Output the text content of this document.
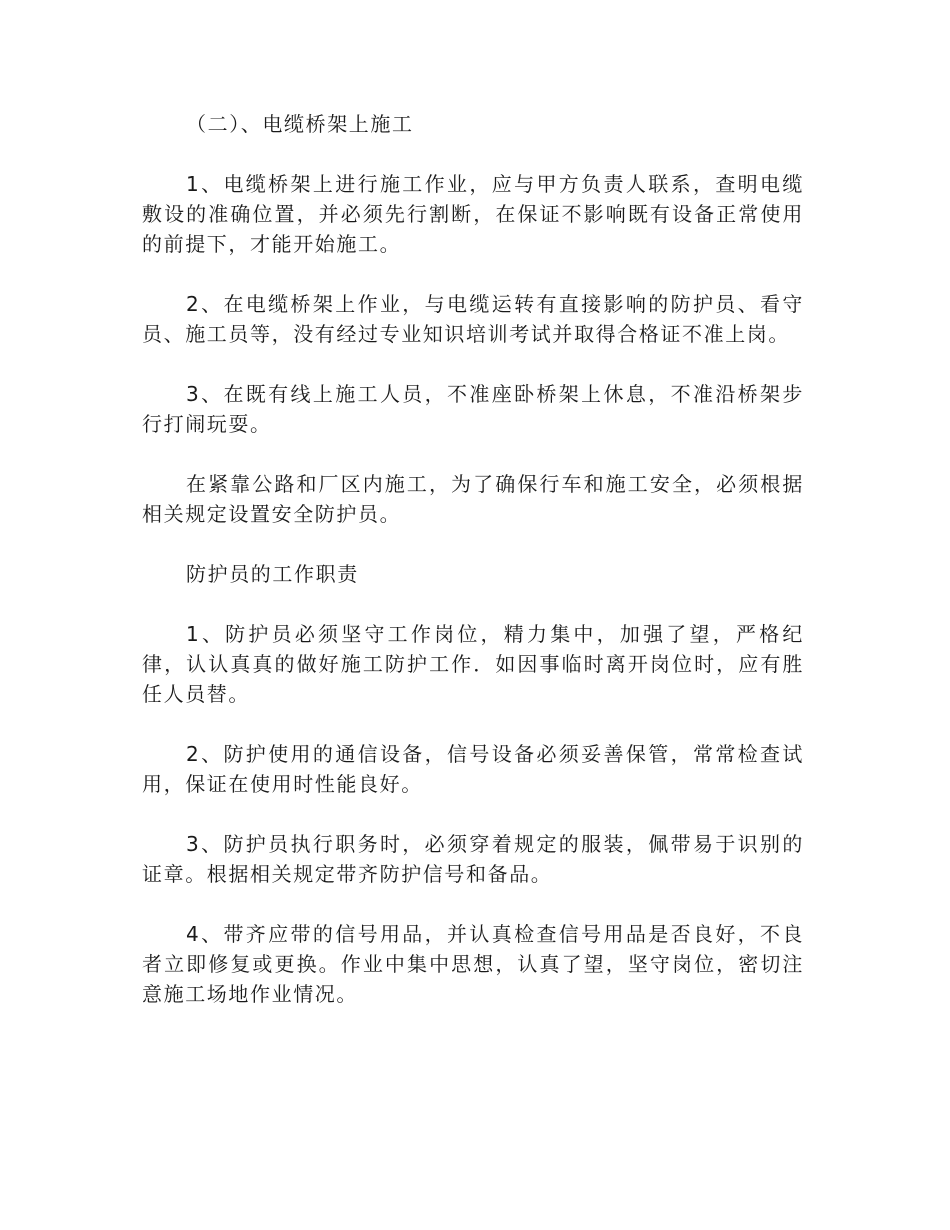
（二）、电缆桥架上施工

1、电缆桥架上进行施工作业，应与甲方负责人联系，查明电缆敷设的准确位置，并必须先行割断，在保证不影响既有设备正常使用的前提下，才能开始施工。

2、在电缆桥架上作业，与电缆运转有直接影响的防护员、看守员、施工员等，没有经过专业知识培训考试并取得合格证不准上岗。

3、在既有线上施工人员，不准座卧桥架上休息，不准沿桥架步行打闹玩耍。

在紧靠公路和厂区内施工，为了确保行车和施工安全，必须根据相关规定设置安全防护员。

防护员的工作职责

1、防护员必须坚守工作岗位，精力集中，加强了望，严格纪律，认认真真的做好施工防护工作．如因事临时离开岗位时，应有胜任人员替。

2、防护使用的通信设备，信号设备必须妥善保管，常常检查试用，保证在使用时性能良好。

3、防护员执行职务时，必须穿着规定的服装，佩带易于识别的证章。根据相关规定带齐防护信号和备品。

4、带齐应带的信号用品，并认真检查信号用品是否良好，不良者立即修复或更换。作业中集中思想，认真了望，坚守岗位，密切注意施工场地作业情况。
